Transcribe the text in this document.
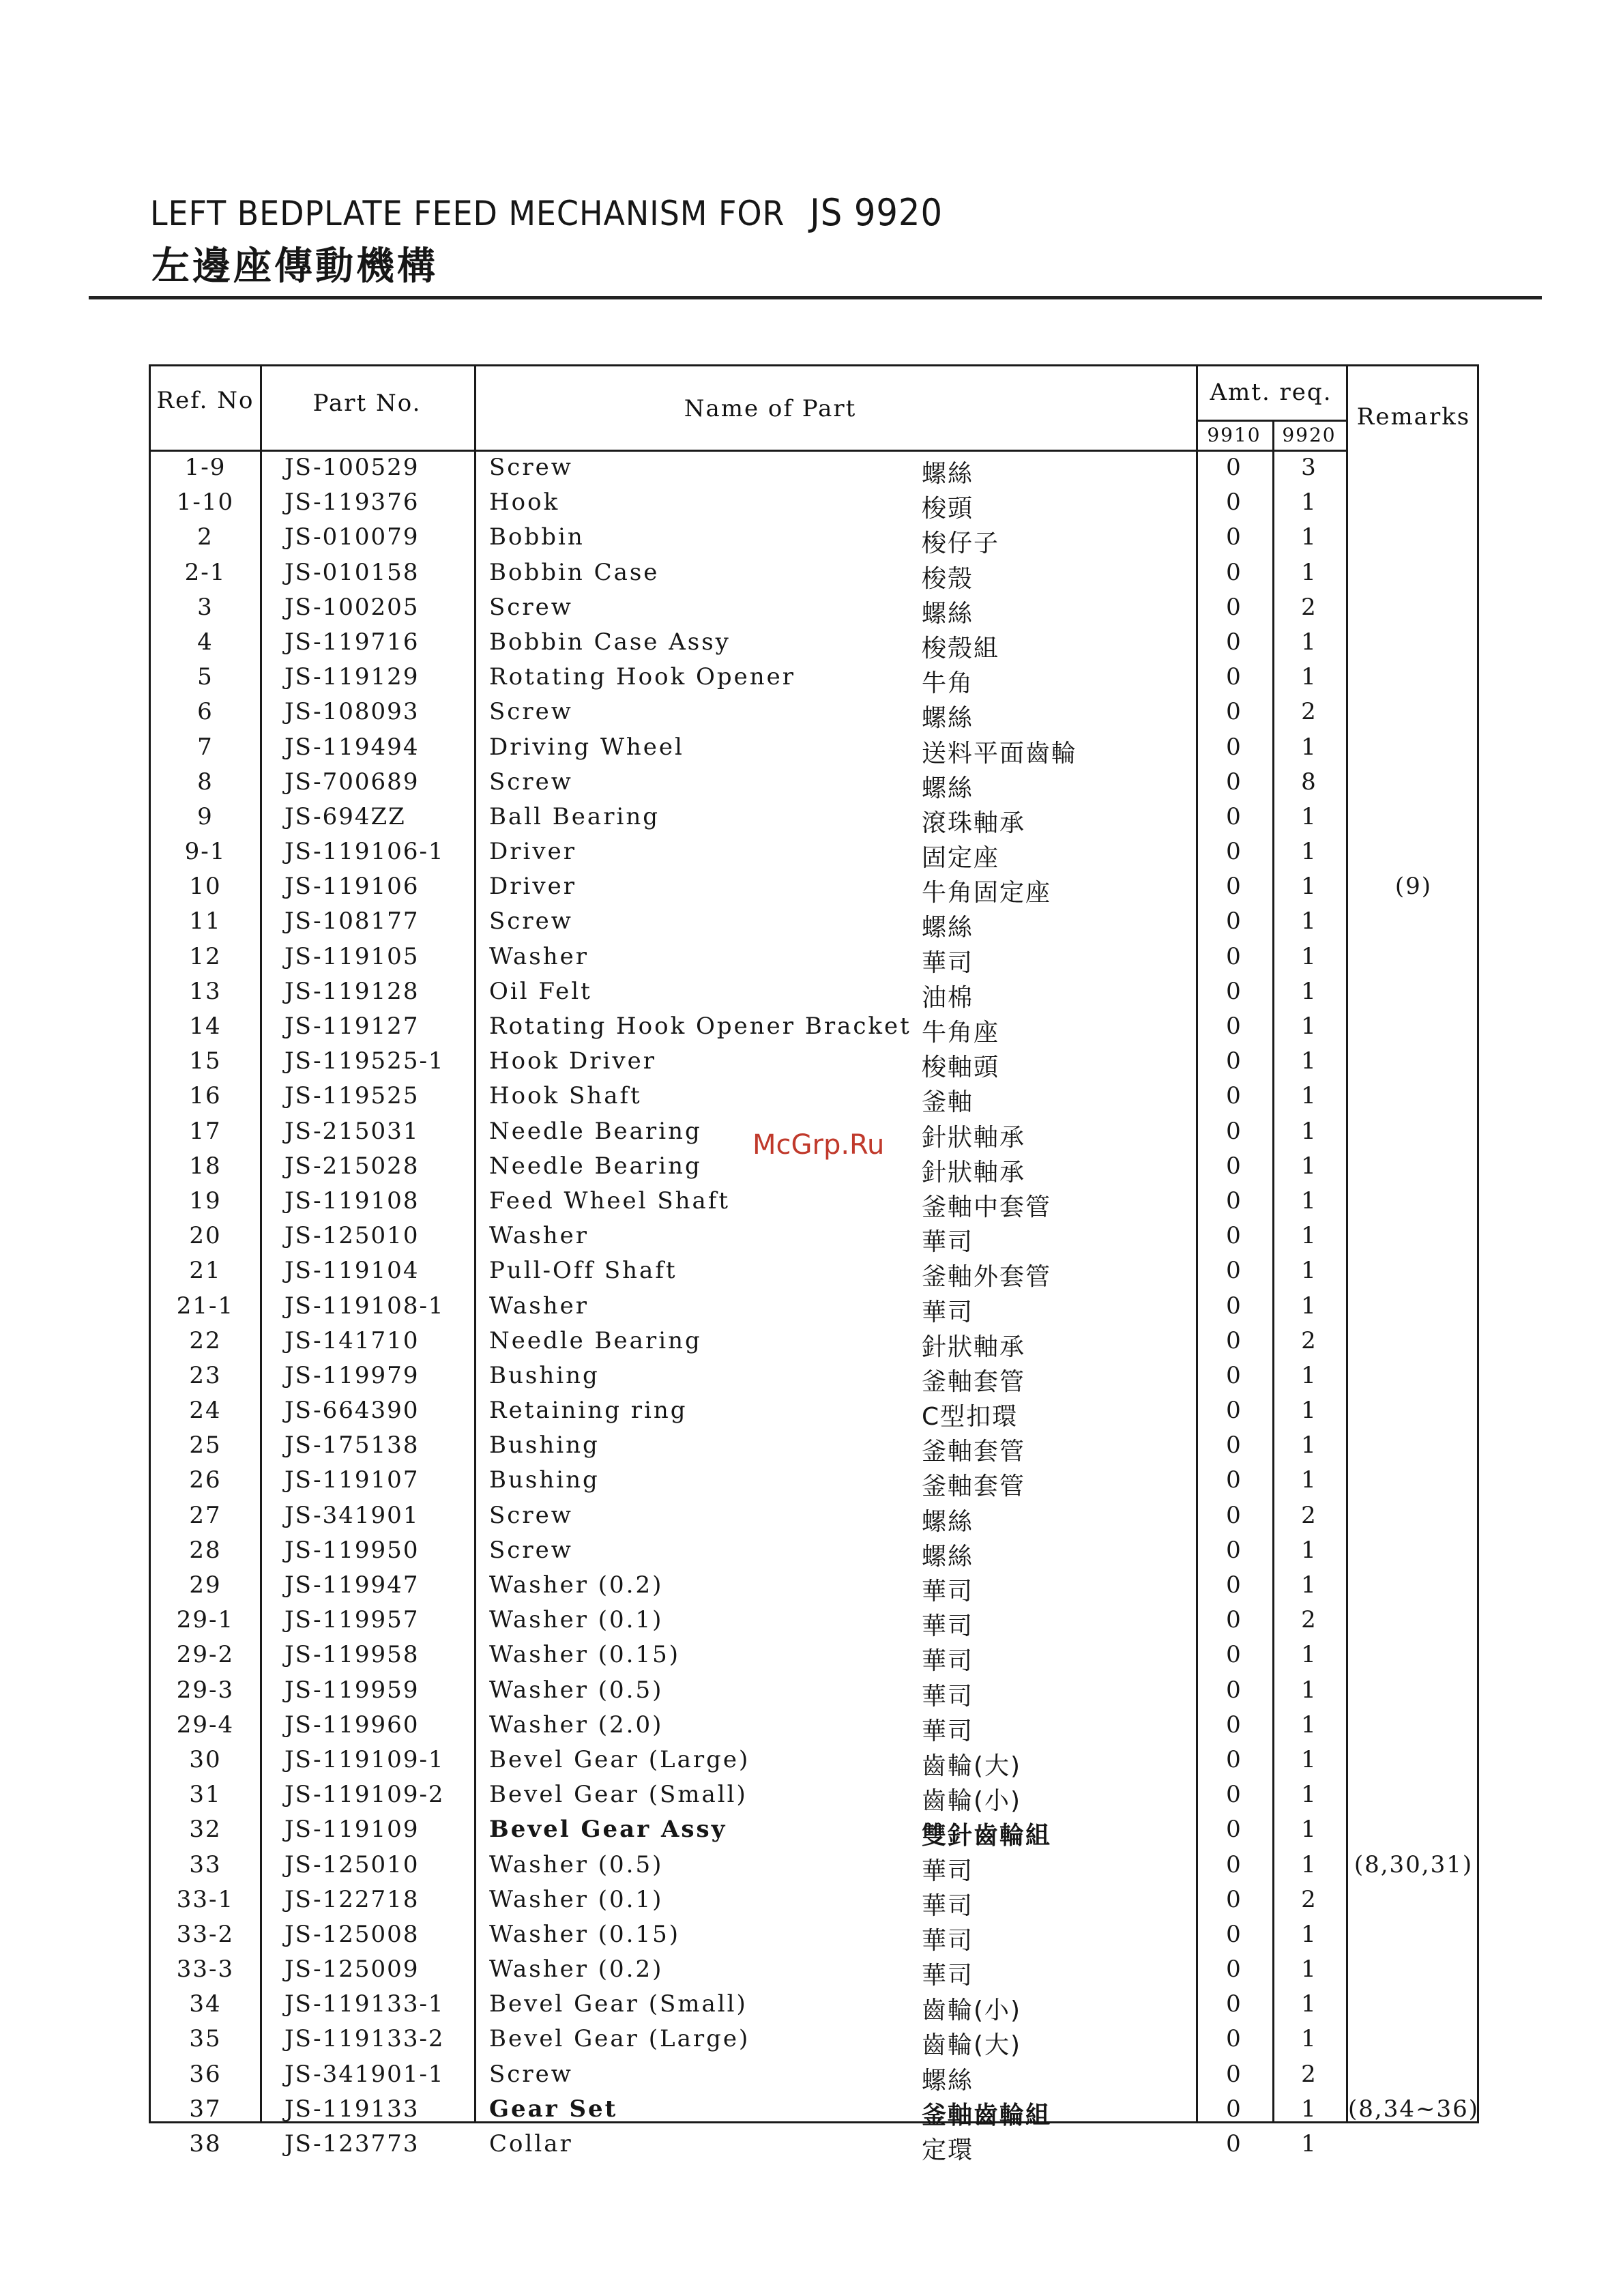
LEFT BEDPLATE FEED MECHANISM FOR JS 9920
左邊座傳動機構
Ref. No	Part No.	Name of Part
Amt. req.
9910	9920
Remarks
1-9	JS-100529	Screw	螺絲	0	3
1-10	JS-119376	Hook	梭頭	0	1
2	JS-010079	Bobbin	梭仔子	0	1
2-1	JS-010158	Bobbin Case	梭殼	0	1
3	JS-100205	Screw	螺絲	0	2
4	JS-119716	Bobbin Case Assy	梭殼組	0	1
5	JS-119129	Rotating Hook Opener	牛角	0	1
6	JS-108093	Screw	螺絲	0	2
7	JS-119494	Driving Wheel	送料平面齒輪	0	1
8	JS-700689	Screw	螺絲	0	8
9	JS-694ZZ	Ball Bearing	滾珠軸承	0	1
9-1	JS-119106-1 Driver	固定座	0	1
10	JS-119106	Driver	牛角固定座	0	1	(9)
11	JS-108177	Screw	螺絲	0	1
12	JS-119105	Washer	華司	0	1
13	JS-119128	Oil Felt	油棉	0	1
14	JS-119127	Rotating Hook Opener Bracket 牛角座	0	1
15	JS-119525-1 Hook Driver	梭軸頭	0	1
16	JS-119525	Hook Shaft	釜軸	0	1
17	JS-215031	Needle Bearing	針狀軸承	0	1
18	JS-215028	Needle Bearing	針狀軸承	0	1
19	JS-119108	Feed Wheel Shaft	釜軸中套管	0	1
20	JS-125010	Washer	華司	0	1
21	JS-119104	Pull-Off Shaft	釜軸外套管	0	1
21-1	JS-119108-1 Washer	華司	0	1
22	JS-141710	Needle Bearing	針狀軸承	0	2
23	JS-119979	Bushing	釜軸套管	0	1
24	JS-664390	Retaining ring	C型扣環	0	1
25	JS-175138	Bushing	釜軸套管	0	1
26	JS-119107	Bushing	釜軸套管	0	1
27	JS-341901	Screw	螺絲	0	2
28	JS-119950	Screw	螺絲	0	1
29	JS-119947	Washer (0.2)	華司	0	1
29-1	JS-119957	Washer (0.1)	華司	0	2
29-2	JS-119958	Washer (0.15)	華司	0	1
29-3	JS-119959	Washer (0.5)	華司	0	1
29-4	JS-119960	Washer (2.0)	華司	0	1
30	JS-119109-1 Bevel Gear (Large)	齒輪(大)	0	1
31	JS-119109-2 Bevel Gear (Small)	齒輪(小)	0	1
32	JS-119109	Bevel Gear Assy	雙針齒輪組	0	1
33	JS-125010	Washer (0.5)	華司	0	1	(8,30,31)
33-1	JS-122718	Washer (0.1)	華司	0	2
33-2	JS-125008	Washer (0.15)	華司	0	1
33-3	JS-125009	Washer (0.2)	華司	0	1
34	JS-119133-1 Bevel Gear (Small)	齒輪(小)	0	1
35	JS-119133-2 Bevel Gear (Large)	齒輪(大)	0	1
36	JS-341901-1 Screw	螺絲	0	2
37	JS-119133	Gear Set	釜軸齒輪組	0	1	(8,34~36)
38	JS-123773	Collar	定環	0	1
McGrp.Ru
